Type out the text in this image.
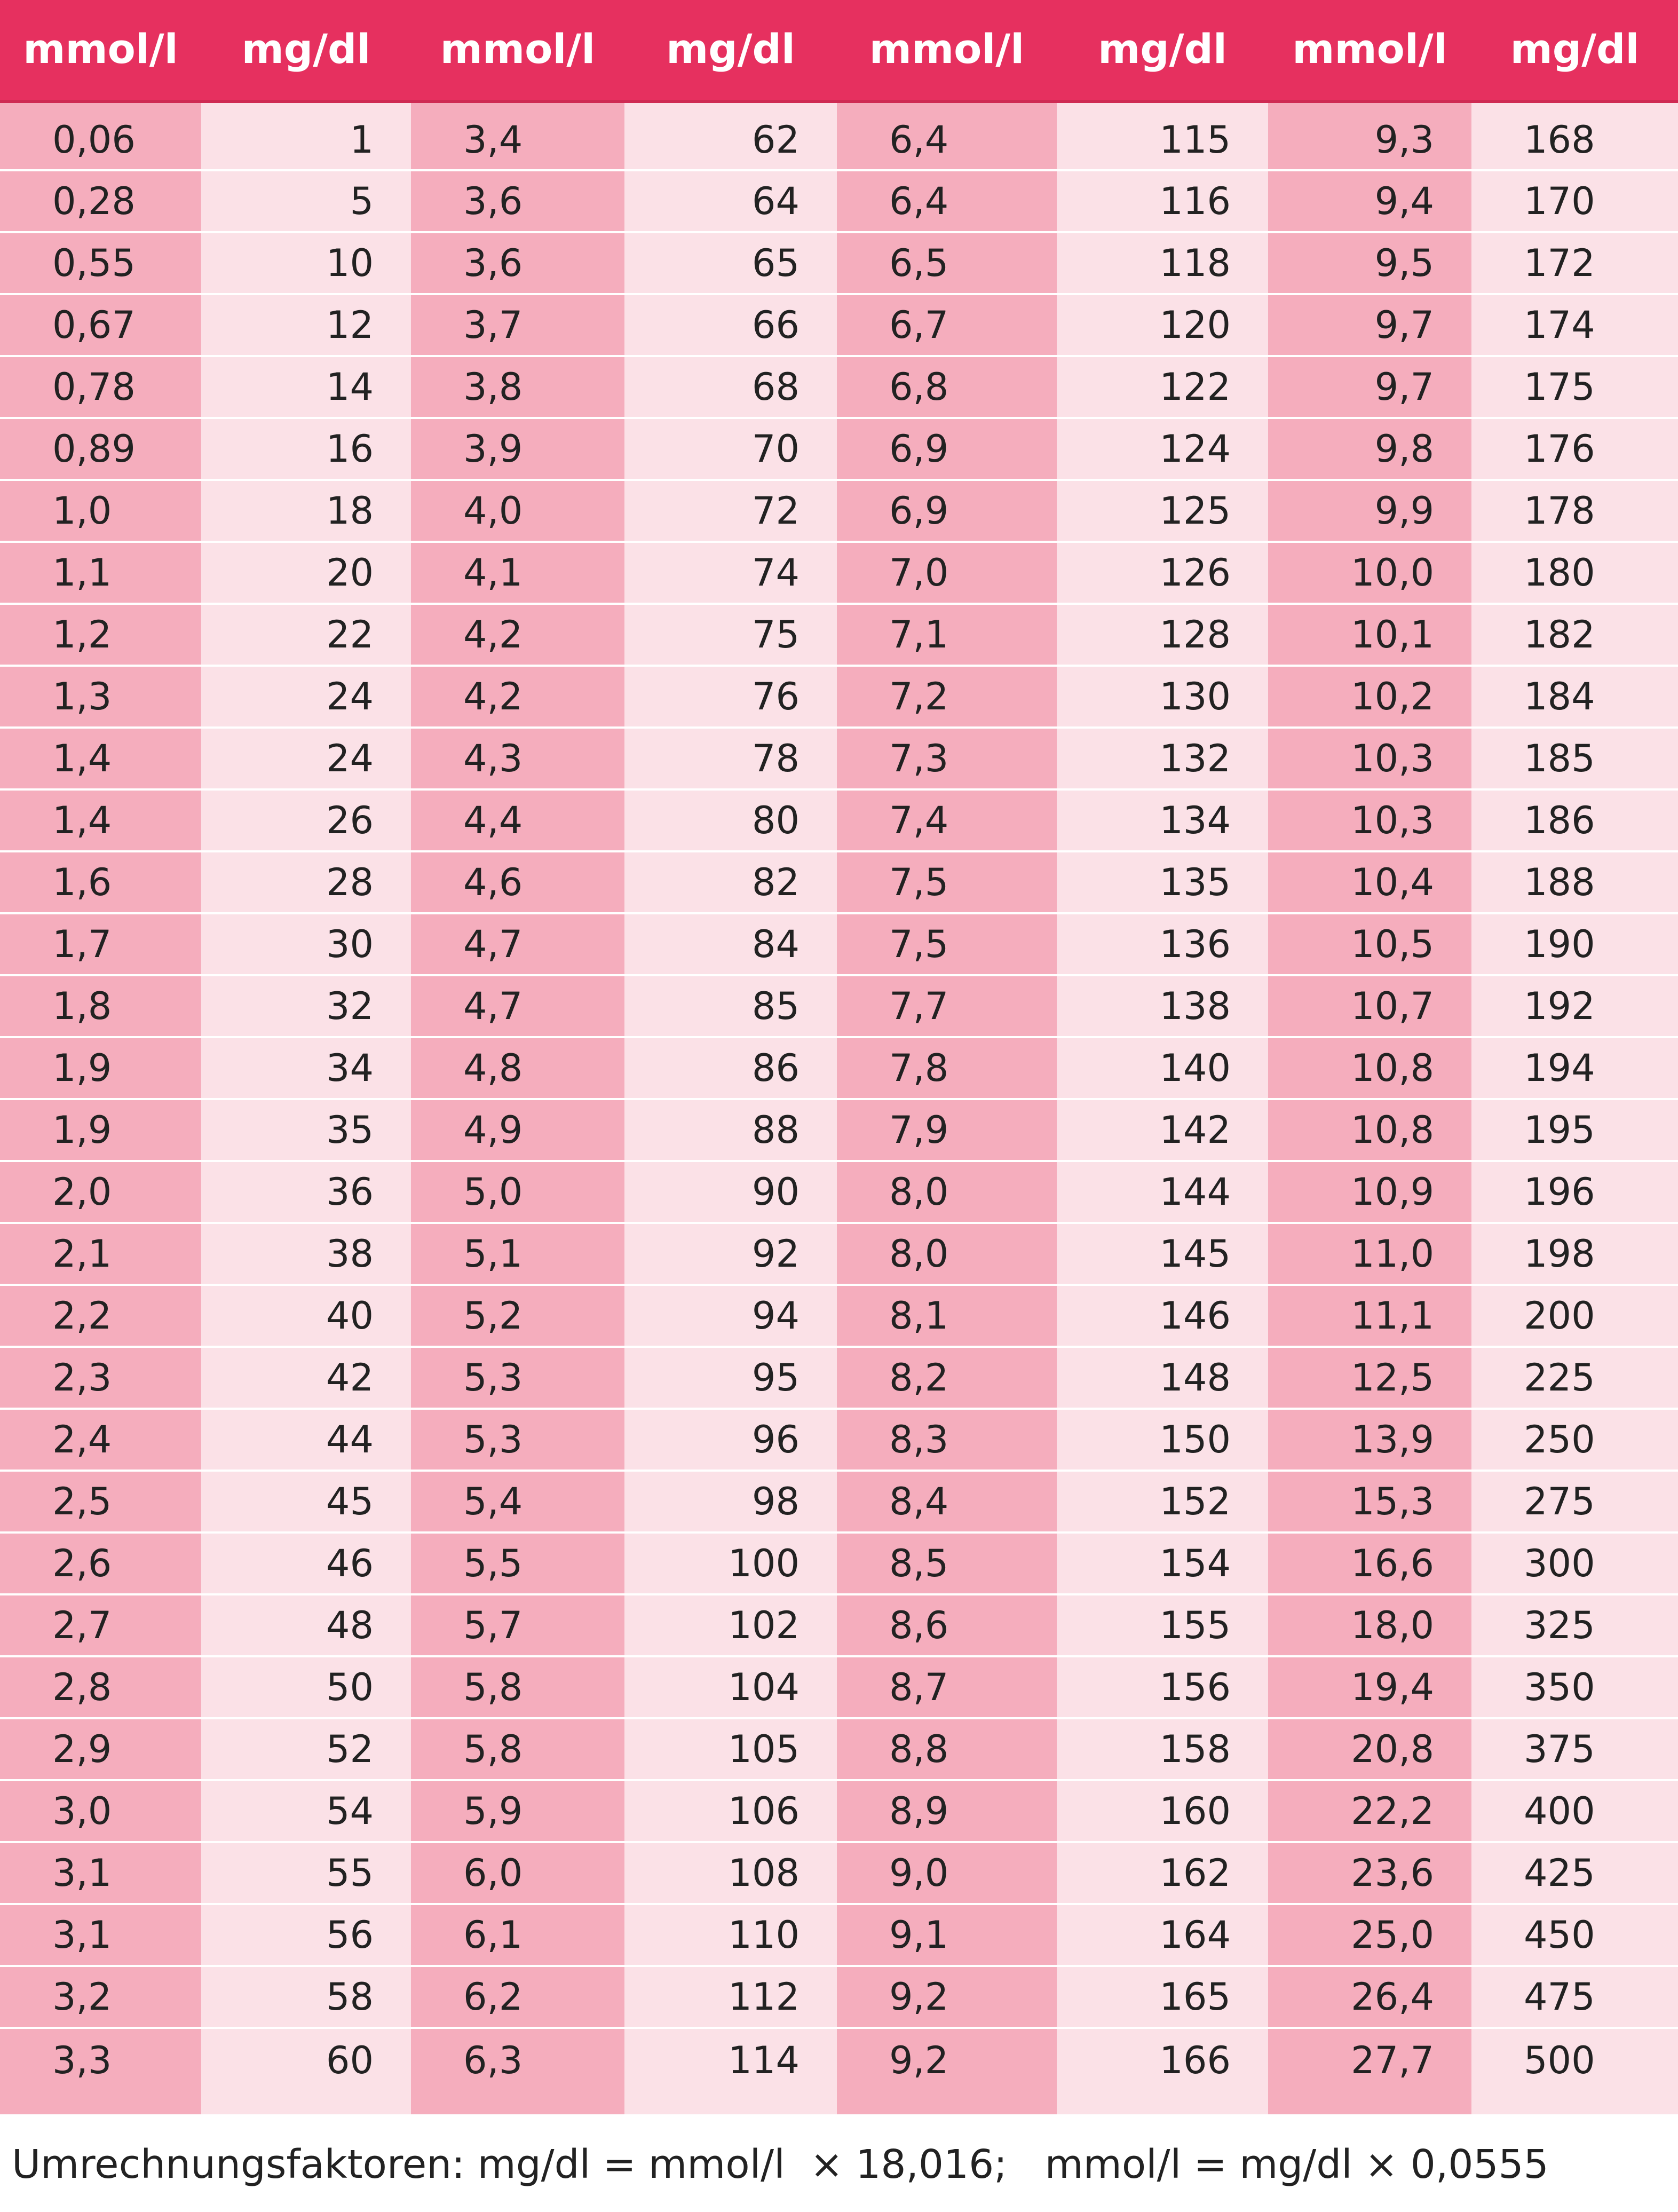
mmol/l	mg/dl	mmol/l	mg/dl	mmol/l	mg/dl	mmol/l	mg/dl
0,06	1	3,4	62	6,4	115	9,3	168
0,28	5	3,6	64	6,4	116	9,4	170
0,55	10	3,6	65	6,5	118	9,5	172
0,67	12	3,7	66	6,7	120	9,7	174
0,78	14	3,8	68	6,8	122	9,7	175
0,89	16	3,9	70	6,9	124	9,8	176
1,0	18	4,0	72	6,9	125	9,9	178
1,1	20	4,1	74	7,0	126	10,0	180
1,2	22	4,2	75	7,1	128	10,1	182
1,3	24	4,2	76	7,2	130	10,2	184
1,4	24	4,3	78	7,3	132	10,3	185
1,4	26	4,4	80	7,4	134	10,3	186
1,6	28	4,6	82	7,5	135	10,4	188
1,7	30	4,7	84	7,5	136	10,5	190
1,8	32	4,7	85	7,7	138	10,7	192
1,9	34	4,8	86	7,8	140	10,8	194
1,9	35	4,9	88	7,9	142	10,8	195
2,0	36	5,0	90	8,0	144	10,9	196
2,1	38	5,1	92	8,0	145	11,0	198
2,2	40	5,2	94	8,1	146	11,1	200
2,3	42	5,3	95	8,2	148	12,5	225
2,4	44	5,3	96	8,3	150	13,9	250
2,5	45	5,4	98	8,4	152	15,3	275
2,6	46	5,5	100	8,5	154	16,6	300
2,7	48	5,7	102	8,6	155	18,0	325
2,8	50	5,8	104	8,7	156	19,4	350
2,9	52	5,8	105	8,8	158	20,8	375
3,0	54	5,9	106	8,9	160	22,2	400
3,1	55	6,0	108	9,0	162	23,6	425
3,1	56	6,1	110	9,1	164	25,0	450
3,2	58	6,2	112	9,2	165	26,4	475
3,3	60	6,3	114	9,2	166	27,7	500
Umrechnungsfaktoren: mg/dl = mmol/l  × 18,016;   mmol/l = mg/dl × 0,0555
